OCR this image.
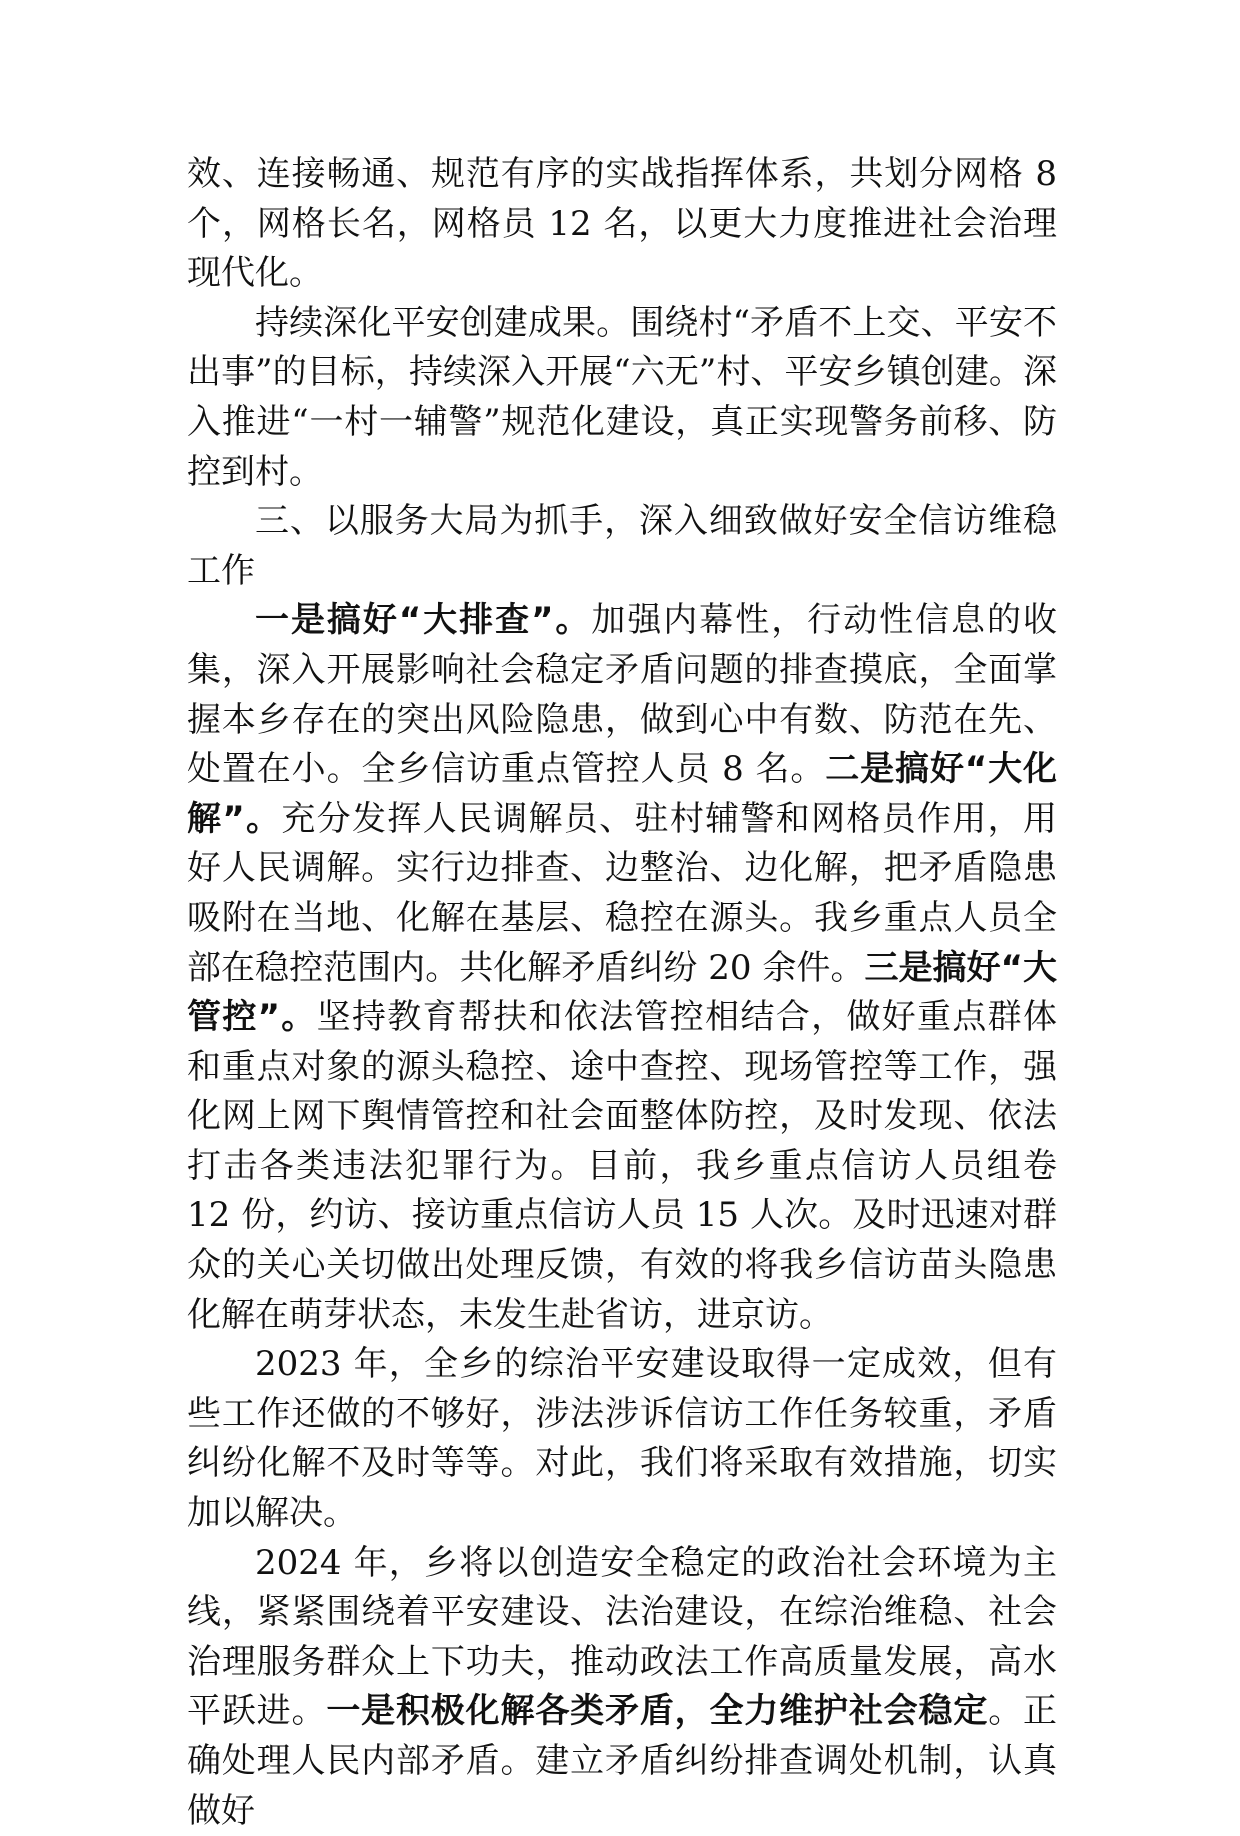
效、连接畅通、规范有序的实战指挥体系，共划分网格 8 个，网格长名，网格员 12 名，以更大力度推进社会治理现代化。

持续深化平安创建成果。围绕村“矛盾不上交、平安不出事”的目标，持续深入开展“六无”村、平安乡镇创建。深入推进“一村一辅警”规范化建设，真正实现警务前移、防控到村。

三、以服务大局为抓手，深入细致做好安全信访维稳工作

一是搞好“大排查”。加强内幕性，行动性信息的收集，深入开展影响社会稳定矛盾问题的排查摸底，全面掌握本乡存在的突出风险隐患，做到心中有数、防范在先、处置在小。全乡信访重点管控人员 8 名。二是搞好“大化解”。充分发挥人民调解员、驻村辅警和网格员作用，用好人民调解。实行边排查、边整治、边化解，把矛盾隐患吸附在当地、化解在基层、稳控在源头。我乡重点人员全部在稳控范围内。共化解矛盾纠纷 20 余件。三是搞好“大管控”。坚持教育帮扶和依法管控相结合，做好重点群体和重点对象的源头稳控、途中查控、现场管控等工作，强化网上网下舆情管控和社会面整体防控，及时发现、依法打击各类违法犯罪行为。目前，我乡重点信访人员组卷 12 份，约访、接访重点信访人员 15 人次。及时迅速对群众的关心关切做出处理反馈，有效的将我乡信访苗头隐患化解在萌芽状态，未发生赴省访，进京访。

2023 年，全乡的综治平安建设取得一定成效，但有些工作还做的不够好，涉法涉诉信访工作任务较重，矛盾纠纷化解不及时等等。对此，我们将采取有效措施，切实加以解决。

2024 年，乡将以创造安全稳定的政治社会环境为主线，紧紧围绕着平安建设、法治建设，在综治维稳、社会治理服务群众上下功夫，推动政法工作高质量发展，高水平跃进。一是积极化解各类矛盾，全力维护社会稳定。正确处理人民内部矛盾。建立矛盾纠纷排查调处机制，认真做好
